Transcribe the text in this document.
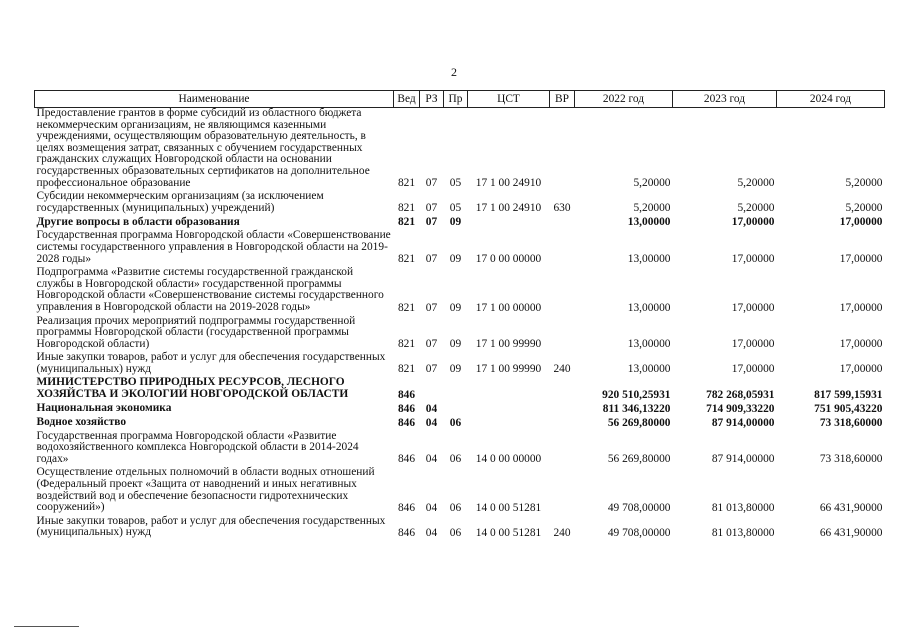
2
Наименование	Вед	РЗ	Пр	ЦСТ	ВР	2022 год	2023 год	2024 год
Предоставление грантов в форме субсидий из областного бюджета некоммерческим организациям, не являющимся казенными учреждениями, осуществляющим образовательную деятельность, в целях возмещения затрат, связанных с обучением государственных гражданских служащих Новгородской области на основании государственных образовательных сертификатов на дополнительное профессиональное образование	821	07	05	17 1 00 24910		5,20000	5,20000	5,20000
Субсидии некоммерческим организациям (за исключением государственных (муниципальных) учреждений)	821	07	05	17 1 00 24910	630	5,20000	5,20000	5,20000
Другие вопросы в области образования	821	07	09			13,00000	17,00000	17,00000
Государственная программа Новгородской области «Совершенствование системы государственного управления в Новгородской области на 2019-2028 годы»	821	07	09	17 0 00 00000		13,00000	17,00000	17,00000
Подпрограмма «Развитие системы государственной гражданской службы в Новгородской области» государственной программы Новгородской области «Совершенствование системы государственного управления в Новгородской области на 2019-2028 годы»	821	07	09	17 1 00 00000		13,00000	17,00000	17,00000
Реализация прочих мероприятий подпрограммы государственной программы Новгородской области (государственной программы Новгородской области)	821	07	09	17 1 00 99990		13,00000	17,00000	17,00000
Иные закупки товаров, работ и услуг для обеспечения государственных (муниципальных) нужд	821	07	09	17 1 00 99990	240	13,00000	17,00000	17,00000
МИНИСТЕРСТВО ПРИРОДНЫХ РЕСУРСОВ, ЛЕСНОГО ХОЗЯЙСТВА И ЭКОЛОГИИ НОВГОРОДСКОЙ ОБЛАСТИ	846					920 510,25931	782 268,05931	817 599,15931
Национальная экономика	846	04				811 346,13220	714 909,33220	751 905,43220
Водное хозяйство	846	04	06			56 269,80000	87 914,00000	73 318,60000
Государственная программа Новгородской области «Развитие водохозяйственного комплекса Новгородской области в 2014-2024 годах»	846	04	06	14 0 00 00000		56 269,80000	87 914,00000	73 318,60000
Осуществление отдельных полномочий в области водных отношений (Федеральный проект «Защита от наводнений и иных негативных воздействий вод и обеспечение безопасности гидротехнических сооружений»)	846	04	06	14 0 00 51281		49 708,00000	81 013,80000	66 431,90000
Иные закупки товаров, работ и услуг для обеспечения государственных (муниципальных) нужд	846	04	06	14 0 00 51281	240	49 708,00000	81 013,80000	66 431,90000
